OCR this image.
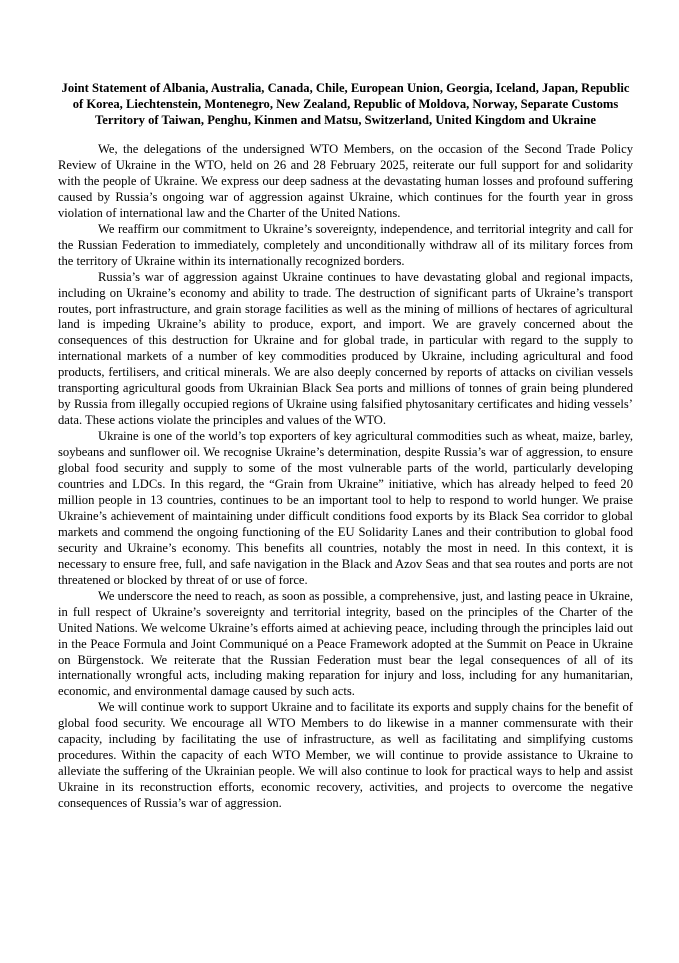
Joint Statement of Albania, Australia, Canada, Chile, European Union, Georgia, Iceland, Japan, Republic of Korea, Liechtenstein, Montenegro, New Zealand, Republic of Moldova, Norway, Separate Customs Territory of Taiwan, Penghu, Kinmen and Matsu, Switzerland, United Kingdom and Ukraine

We, the delegations of the undersigned WTO Members, on the occasion of the Second Trade Policy Review of Ukraine in the WTO, held on 26 and 28 February 2025, reiterate our full support for and solidarity with the people of Ukraine. We express our deep sadness at the devastating human losses and profound suffering caused by Russia’s ongoing war of aggression against Ukraine, which continues for the fourth year in gross violation of international law and the Charter of the United Nations.

We reaffirm our commitment to Ukraine’s sovereignty, independence, and territorial integrity and call for the Russian Federation to immediately, completely and unconditionally withdraw all of its military forces from the territory of Ukraine within its internationally recognized borders.

Russia’s war of aggression against Ukraine continues to have devastating global and regional impacts, including on Ukraine’s economy and ability to trade. The destruction of significant parts of Ukraine’s transport routes, port infrastructure, and grain storage facilities as well as the mining of millions of hectares of agricultural land is impeding Ukraine’s ability to produce, export, and import. We are gravely concerned about the consequences of this destruction for Ukraine and for global trade, in particular with regard to the supply to international markets of a number of key commodities produced by Ukraine, including agricultural and food products, fertilisers, and critical minerals. We are also deeply concerned by reports of attacks on civilian vessels transporting agricultural goods from Ukrainian Black Sea ports and millions of tonnes of grain being plundered by Russia from illegally occupied regions of Ukraine using falsified phytosanitary certificates and hiding vessels’ data. These actions violate the principles and values of the WTO.

Ukraine is one of the world’s top exporters of key agricultural commodities such as wheat, maize, barley, soybeans and sunflower oil. We recognise Ukraine’s determination, despite Russia’s war of aggression, to ensure global food security and supply to some of the most vulnerable parts of the world, particularly developing countries and LDCs. In this regard, the “Grain from Ukraine” initiative, which has already helped to feed 20 million people in 13 countries, continues to be an important tool to help to respond to world hunger. We praise Ukraine’s achievement of maintaining under difficult conditions food exports by its Black Sea corridor to global markets and commend the ongoing functioning of the EU Solidarity Lanes and their contribution to global food security and Ukraine’s economy. This benefits all countries, notably the most in need. In this context, it is necessary to ensure free, full, and safe navigation in the Black and Azov Seas and that sea routes and ports are not threatened or blocked by threat of or use of force.

We underscore the need to reach, as soon as possible, a comprehensive, just, and lasting peace in Ukraine, in full respect of Ukraine’s sovereignty and territorial integrity, based on the principles of the Charter of the United Nations. We welcome Ukraine’s efforts aimed at achieving peace, including through the principles laid out in the Peace Formula and Joint Communiqué on a Peace Framework adopted at the Summit on Peace in Ukraine on Bürgenstock. We reiterate that the Russian Federation must bear the legal consequences of all of its internationally wrongful acts, including making reparation for injury and loss, including for any humanitarian, economic, and environmental damage caused by such acts.

We will continue work to support Ukraine and to facilitate its exports and supply chains for the benefit of global food security. We encourage all WTO Members to do likewise in a manner commensurate with their capacity, including by facilitating the use of infrastructure, as well as facilitating and simplifying customs procedures. Within the capacity of each WTO Member, we will continue to provide assistance to Ukraine to alleviate the suffering of the Ukrainian people. We will also continue to look for practical ways to help and assist Ukraine in its reconstruction efforts, economic recovery, activities, and projects to overcome the negative consequences of Russia’s war of aggression.
